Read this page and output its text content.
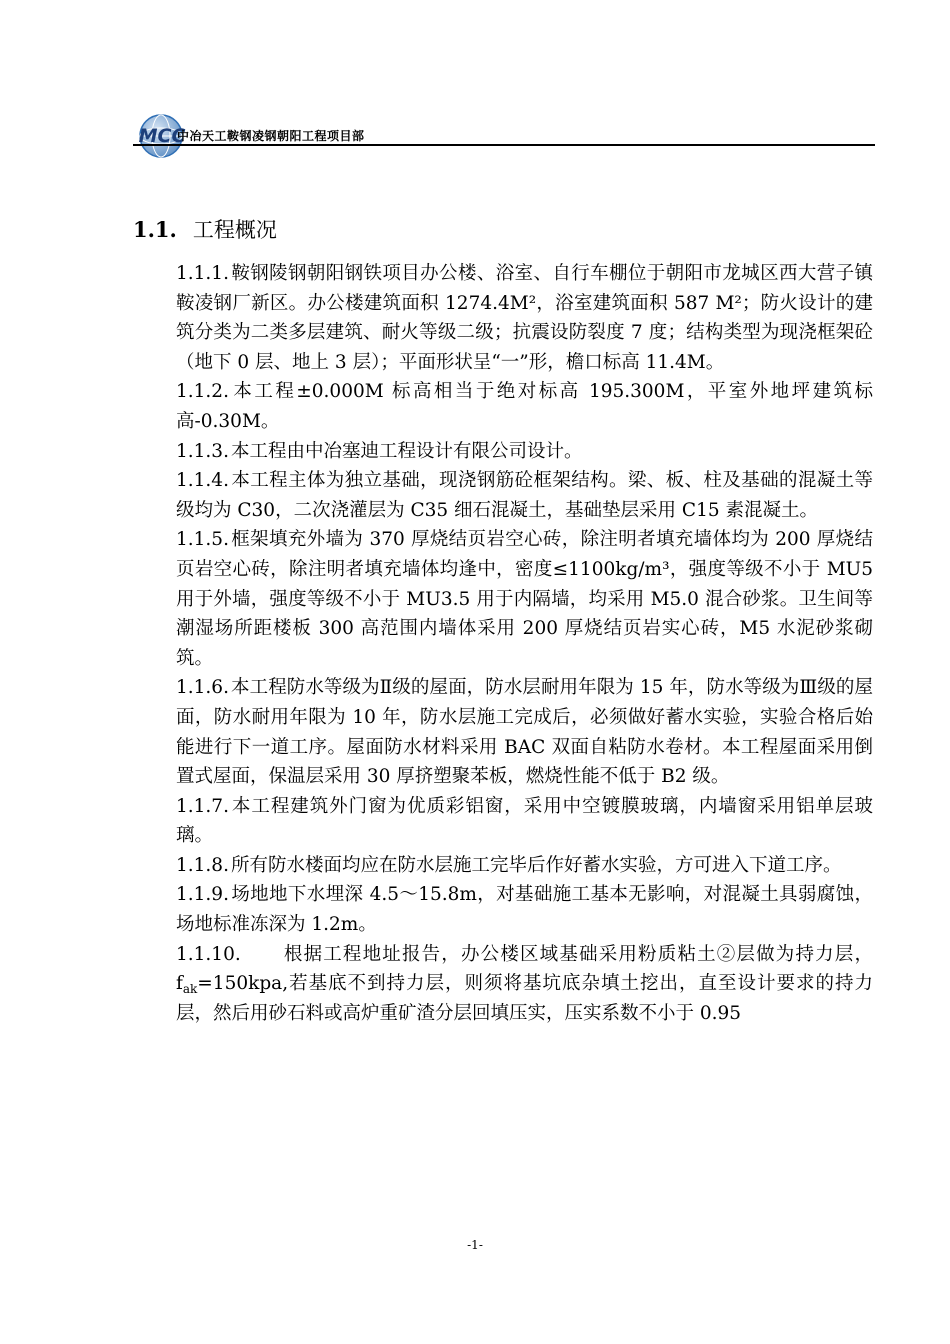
MCC
中冶天工鞍钢凌钢朝阳工程项目部
1.1. 工程概况

1.1.1. 鞍钢陵钢朝阳钢铁项目办公楼、浴室、自行车棚位于朝阳市龙城区西大营子镇鞍凌钢厂新区。办公楼建筑面积 1274.4M²，浴室建筑面积 587 M²；防火设计的建筑分类为二类多层建筑、耐火等级二级；抗震设防裂度 7 度；结构类型为现浇框架砼（地下 0 层、地上 3 层）；平面形状呈“一”形，檐口标高 11.4M。

1.1.2. 本工程±0.000M 标高相当于绝对标高 195.300M，平室外地坪建筑标高-0.30M。

1.1.3. 本工程由中冶塞迪工程设计有限公司设计。

1.1.4. 本工程主体为独立基础，现浇钢筋砼框架结构。梁、板、柱及基础的混凝土等级均为 C30，二次浇灌层为 C35 细石混凝土，基础垫层采用 C15 素混凝土。

1.1.5. 框架填充外墙为 370 厚烧结页岩空心砖，除注明者填充墙体均为 200 厚烧结页岩空心砖，除注明者填充墙体均逢中，密度≤1100kg/m³，强度等级不小于 MU5 用于外墙，强度等级不小于 MU3.5 用于内隔墙，均采用 M5.0 混合砂浆。卫生间等潮湿场所距楼板 300 高范围内墙体采用 200 厚烧结页岩实心砖，M5 水泥砂浆砌筑。

1.1.6. 本工程防水等级为Ⅱ级的屋面，防水层耐用年限为 15 年，防水等级为Ⅲ级的屋面，防水耐用年限为 10 年，防水层施工完成后，必须做好蓄水实验，实验合格后始能进行下一道工序。屋面防水材料采用 BAC 双面自粘防水卷材。本工程屋面采用倒置式屋面，保温层采用 30 厚挤塑聚苯板，燃烧性能不低于 B2 级。

1.1.7. 本工程建筑外门窗为优质彩铝窗，采用中空镀膜玻璃，内墙窗采用铝单层玻璃。

1.1.8. 所有防水楼面均应在防水层施工完毕后作好蓄水实验，方可进入下道工序。

1.1.9. 场地地下水埋深 4.5～15.8m，对基础施工基本无影响，对混凝土具弱腐蚀，场地标准冻深为 1.2m。

1.1.10. 根据工程地址报告，办公楼区域基础采用粉质粘土②层做为持力层，$f_{ak}=150kpa$,若基底不到持力层，则须将基坑底杂填土挖出，直至设计要求的持力层，然后用砂石料或高炉重矿渣分层回填压实，压实系数不小于 0.95

-1-
